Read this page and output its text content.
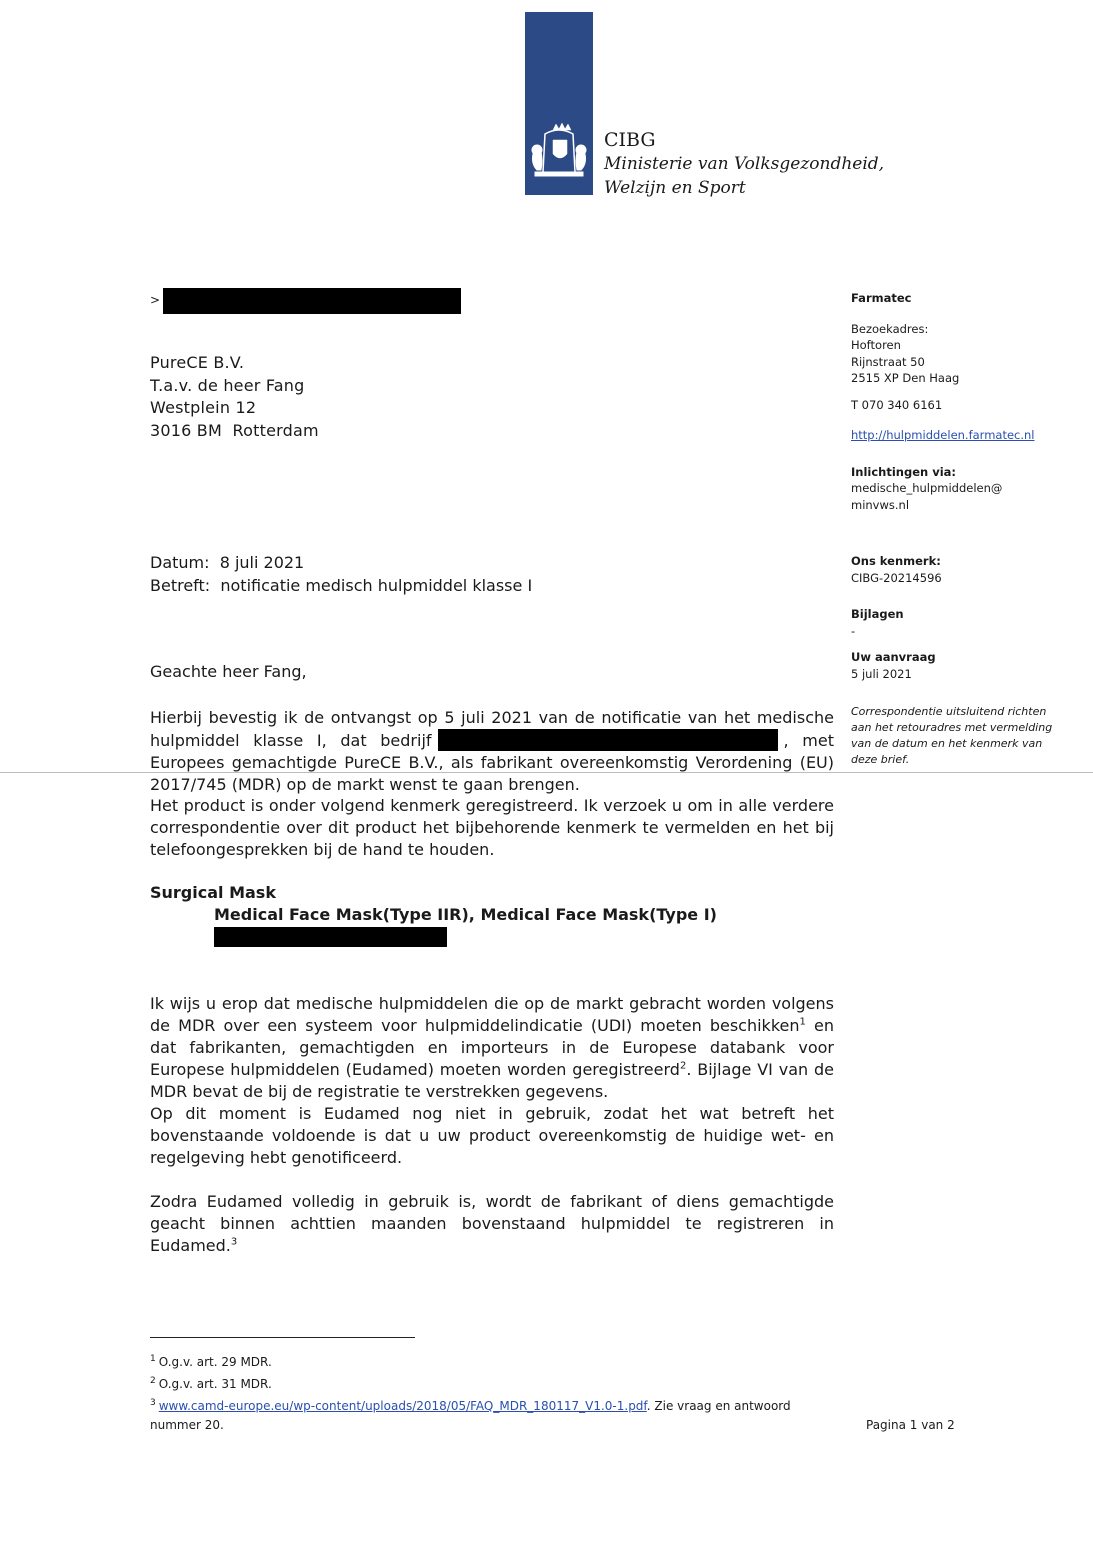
CIBG
Ministerie van Volksgezondheid,
Welzijn en Sport
>
PureCE B.V.
T.a.v. de heer Fang
Westplein 12
3016 BM  Rotterdam
Datum: 8 juli 2021
Betreft: notificatie medisch hulpmiddel klasse I
Geachte heer Fang,
Hierbij bevestig ik de ontvangst op 5 juli 2021 van de notificatie van het medische hulpmiddel klasse I, dat bedrijf	, met Europees gemachtigde PureCE B.V., als fabrikant overeenkomstig Verordening (EU) 2017/745 (MDR) op de markt wenst te gaan brengen.
Het product is onder volgend kenmerk geregistreerd. Ik verzoek u om in alle verdere correspondentie over dit product het bijbehorende kenmerk te vermelden en het bij telefoongesprekken bij de hand te houden.
Surgical Mask
Medical Face Mask(Type IIR), Medical Face Mask(Type I)
Ik wijs u erop dat medische hulpmiddelen die op de markt gebracht worden volgens de MDR over een systeem voor hulpmiddelindicatie (UDI) moeten beschikken$^1$ en dat fabrikanten, gemachtigden en importeurs in de Europese databank voor Europese hulpmiddelen (Eudamed) moeten worden geregistreerd$^2$. Bijlage VI van de MDR bevat de bij de registratie te verstrekken gegevens.
Op dit moment is Eudamed nog niet in gebruik, zodat het wat betreft het bovenstaande voldoende is dat u uw product overeenkomstig de huidige wet- en regelgeving hebt genotificeerd.
Zodra Eudamed volledig in gebruik is, wordt de fabrikant of diens gemachtigde geacht binnen achttien maanden bovenstaand hulpmiddel te registreren in Eudamed.$^3$
$^1$ O.g.v. art. 29 MDR.
$^2$ O.g.v. art. 31 MDR.
$^3$ www.camd-europe.eu/wp-content/uploads/2018/05/FAQ_MDR_180117_V1.0-1.pdf. Zie vraag en antwoord nummer 20.
Farmatec
Bezoekadres:
Hoftoren
Rijnstraat 50
2515 XP Den Haag
T 070 340 6161
http://hulpmiddelen.farmatec.nl
Inlichtingen via:
medische_hulpmiddelen@
minvws.nl
Ons kenmerk:
CIBG-20214596
Bijlagen
-
Uw aanvraag
5 juli 2021
Correspondentie uitsluitend richten aan het retouradres met vermelding van de datum en het kenmerk van deze brief.
Pagina 1 van 2
